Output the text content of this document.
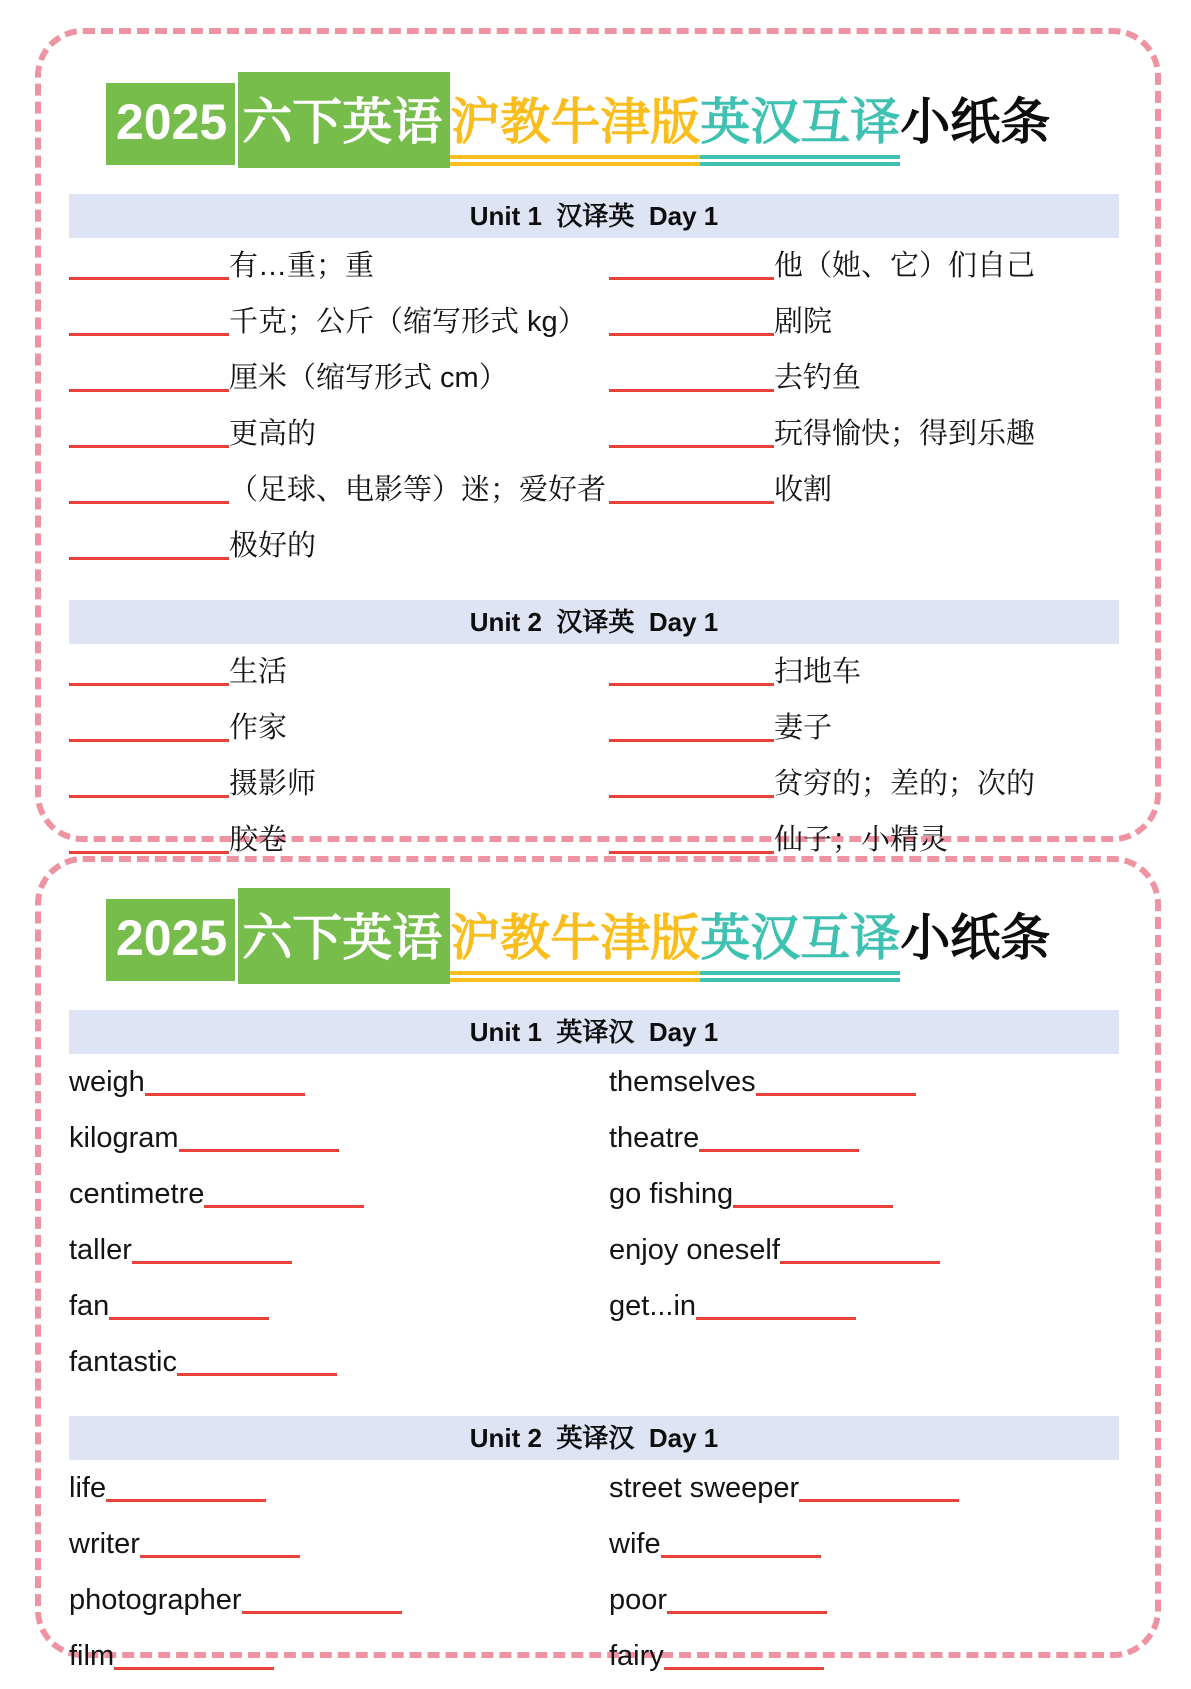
2025 六下英语 沪教牛津版英汉互译小纸条
Unit 1  汉译英  Day 1
有…重；重	他（她、它）们自己
千克；公斤（缩写形式 kg）	剧院
厘米（缩写形式 cm）	去钓鱼
更高的	玩得愉快；得到乐趣
（足球、电影等）迷；爱好者	收割
极好的
Unit 2  汉译英  Day 1
生活	扫地车
作家	妻子
摄影师	贫穷的；差的；次的
胶卷	仙子；小精灵
2025 六下英语 沪教牛津版英汉互译小纸条
Unit 1  英译汉  Day 1
weigh	themselves
kilogram	theatre
centimetre	go fishing
taller	enjoy oneself
fan	get...in
fantastic
Unit 2  英译汉  Day 1
life	street sweeper
writer	wife
photographer	poor
film	fairy
